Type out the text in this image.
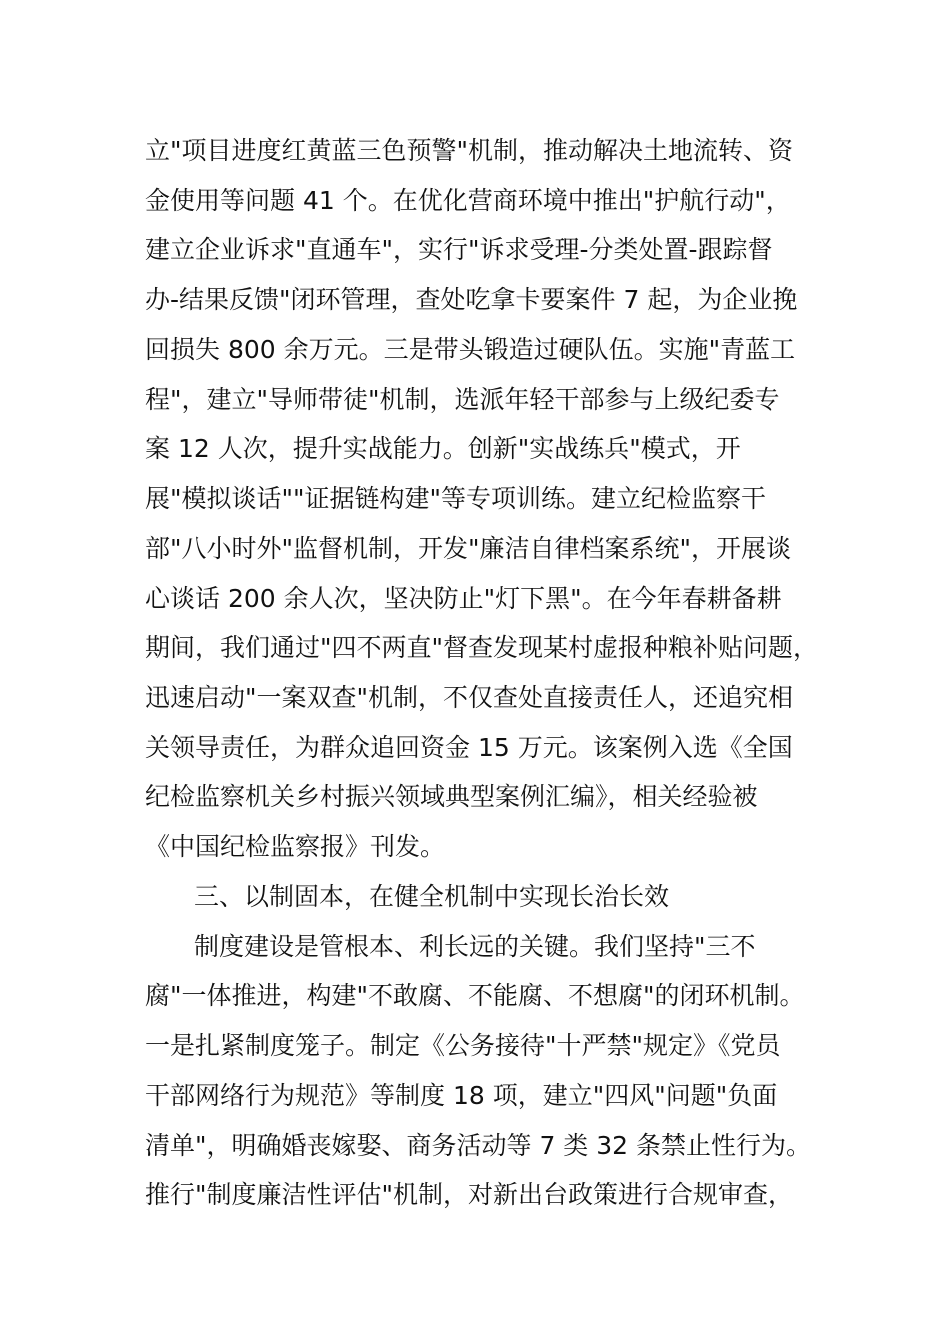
立"项目进度红黄蓝三色预警"机制，推动解决土地流转、资
金使用等问题 41 个。在优化营商环境中推出"护航行动"，
建立企业诉求"直通车"，实行"诉求受理-分类处置-跟踪督
办-结果反馈"闭环管理，查处吃拿卡要案件 7 起，为企业挽
回损失 800 余万元。三是带头锻造过硬队伍。实施"青蓝工
程"，建立"导师带徒"机制，选派年轻干部参与上级纪委专
案 12 人次，提升实战能力。创新"实战练兵"模式，开
展"模拟谈话""证据链构建"等专项训练。建立纪检监察干
部"八小时外"监督机制，开发"廉洁自律档案系统"，开展谈
心谈话 200 余人次，坚决防止"灯下黑"。在今年春耕备耕
期间，我们通过"四不两直"督查发现某村虚报种粮补贴问题，
迅速启动"一案双查"机制，不仅查处直接责任人，还追究相
关领导责任，为群众追回资金 15 万元。该案例入选《全国
纪检监察机关乡村振兴领域典型案例汇编》，相关经验被
《中国纪检监察报》刊发。
三、以制固本，在健全机制中实现长治长效
制度建设是管根本、利长远的关键。我们坚持"三不
腐"一体推进，构建"不敢腐、不能腐、不想腐"的闭环机制。
一是扎紧制度笼子。制定《公务接待"十严禁"规定》《党员
干部网络行为规范》等制度 18 项，建立"四风"问题"负面
清单"，明确婚丧嫁娶、商务活动等 7 类 32 条禁止性行为。
推行"制度廉洁性评估"机制，对新出台政策进行合规审查，
